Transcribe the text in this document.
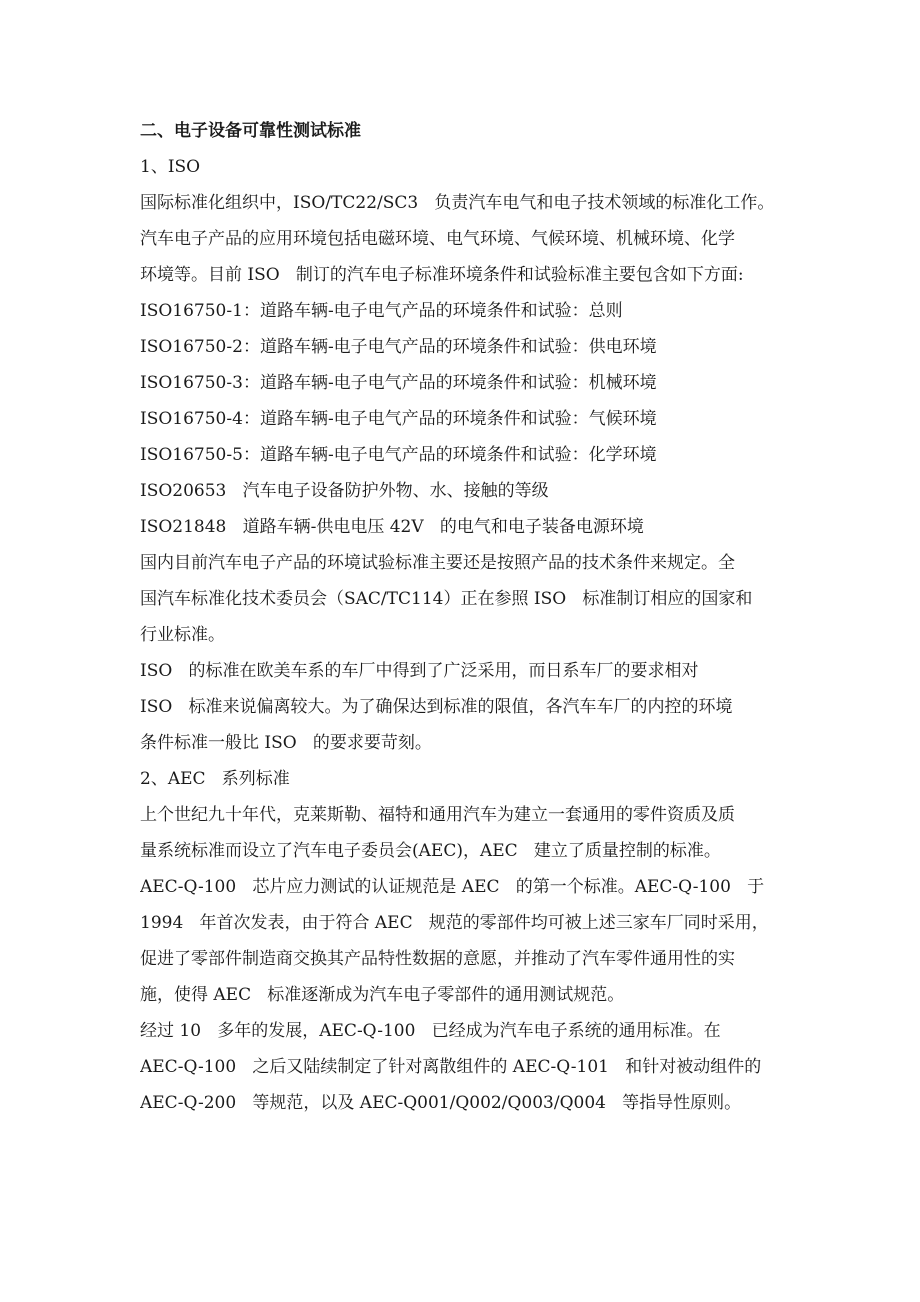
二、电子设备可靠性测试标准
1、ISO
国际标准化组织中，ISO/TC22/SC3   负责汽车电气和电子技术领域的标准化工作。
汽车电子产品的应用环境包括电磁环境、电气环境、气候环境、机械环境、化学
环境等。目前 ISO   制订的汽车电子标准环境条件和试验标准主要包含如下方面:
ISO16750-1：道路车辆-电子电气产品的环境条件和试验：总则
ISO16750-2：道路车辆-电子电气产品的环境条件和试验：供电环境
ISO16750-3：道路车辆-电子电气产品的环境条件和试验：机械环境
ISO16750-4：道路车辆-电子电气产品的环境条件和试验：气候环境
ISO16750-5：道路车辆-电子电气产品的环境条件和试验：化学环境
ISO20653   汽车电子设备防护外物、水、接触的等级
ISO21848   道路车辆-供电电压 42V   的电气和电子装备电源环境
国内目前汽车电子产品的环境试验标准主要还是按照产品的技术条件来规定。全
国汽车标准化技术委员会（SAC/TC114）正在参照 ISO   标准制订相应的国家和
行业标准。
ISO   的标准在欧美车系的车厂中得到了广泛采用，而日系车厂的要求相对
ISO   标准来说偏离较大。为了确保达到标准的限值，各汽车车厂的内控的环境
条件标准一般比 ISO   的要求要苛刻。
2、AEC   系列标准
上个世纪九十年代，克莱斯勒、福特和通用汽车为建立一套通用的零件资质及质
量系统标准而设立了汽车电子委员会(AEC)，AEC   建立了质量控制的标准。
AEC-Q-100   芯片应力测试的认证规范是 AEC   的第一个标准。AEC-Q-100   于
1994   年首次发表，由于符合 AEC   规范的零部件均可被上述三家车厂同时采用，
促进了零部件制造商交换其产品特性数据的意愿，并推动了汽车零件通用性的实
施，使得 AEC   标准逐渐成为汽车电子零部件的通用测试规范。
经过 10   多年的发展，AEC-Q-100   已经成为汽车电子系统的通用标准。在
AEC-Q-100   之后又陆续制定了针对离散组件的 AEC-Q-101   和针对被动组件的
AEC-Q-200   等规范，以及 AEC-Q001/Q002/Q003/Q004   等指导性原则。
